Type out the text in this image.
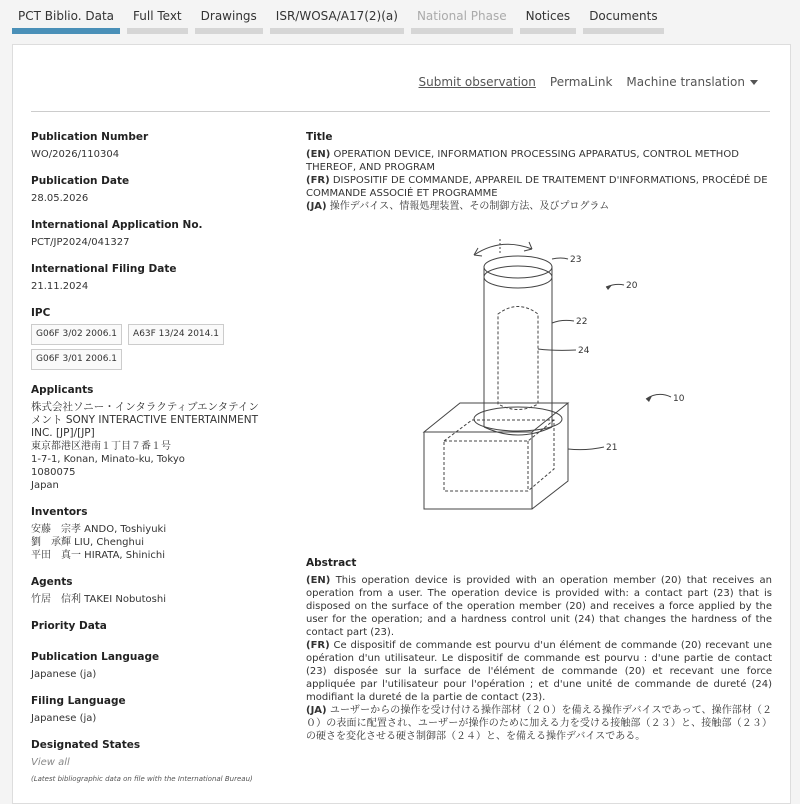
PCT Biblio. Data	Full Text	Drawings	ISR/WOSA/A17(2)(a)	National Phase	Notices	Documents
Submit observation PermaLink Machine translation
Publication Number
WO/2026/110304
Publication Date
28.05.2026
International Application No.
PCT/JP2024/041327
International Filing Date
21.11.2024
IPC
G06F 3/02 2006.1	A63F 13/24 2014.1
G06F 3/01 2006.1
Applicants
株式会社ソニー・インタラクティブエンタテインメント SONY INTERACTIVE ENTERTAINMENT INC. [JP]/[JP]
東京都港区港南１丁目７番１号
1-7-1, Konan, Minato-ku, Tokyo
1080075
Japan
Inventors
安藤　宗孝 ANDO, Toshiyuki
劉　承輝 LIU, Chenghui
平田　真一 HIRATA, Shinichi
Agents
竹居　信利 TAKEI Nobutoshi
Priority Data
Publication Language
Japanese (ja)
Filing Language
Japanese (ja)
Designated States
View all
(Latest bibliographic data on file with the International Bureau)
Title
(EN) OPERATION DEVICE, INFORMATION PROCESSING APPARATUS, CONTROL METHOD THEREOF, AND PROGRAM
(FR) DISPOSITIF DE COMMANDE, APPAREIL DE TRAITEMENT D'INFORMATIONS, PROCÉDÉ DE COMMANDE ASSOCIÉ ET PROGRAMME
(JA) 操作デバイス、情報処理装置、その制御方法、及びプログラム
23
20
22
24
10
21
Abstract

(EN) This operation device is provided with an operation member (20) that receives an operation from a user. The operation device is provided with: a contact part (23) that is disposed on the surface of the operation member (20) and receives a force applied by the user for the operation; and a hardness control unit (24) that changes the hardness of the contact part (23).

(FR) Ce dispositif de commande est pourvu d'un élément de commande (20) recevant une opération d'un utilisateur. Le dispositif de commande est pourvu : d'une partie de contact (23) disposée sur la surface de l'élément de commande (20) et recevant une force appliquée par l'utilisateur pour l'opération ; et d'une unité de commande de dureté (24) modifiant la dureté de la partie de contact (23).

(JA) ユーザーからの操作を受け付ける操作部材（２０）を備える操作デバイスであって、操作部材（２０）の表面に配置され、ユーザーが操作のために加える力を受ける接触部（２３）と、接触部（２３）の硬さを変化させる硬さ制御部（２４）と、を備える操作デバイスである。
